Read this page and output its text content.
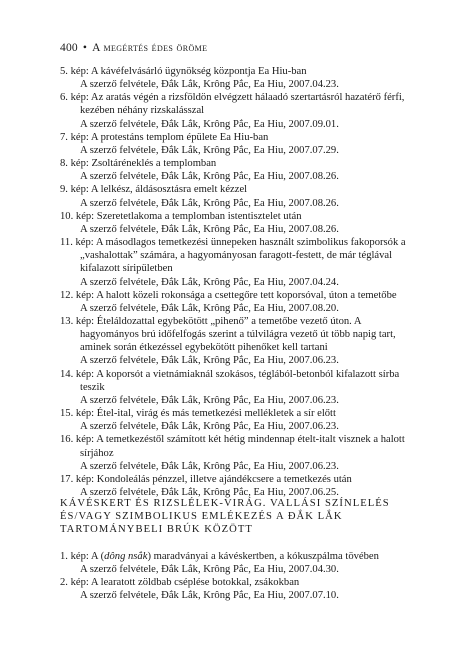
400 • A megértés édes öröme

5. kép: A kávéfelvásárló ügynökség központja Ea Hiu-ban
A szerző felvétele, Đắk Lắk, Krông Pắc, Ea Hiu, 2007.04.23.

6. kép: Az aratás végén a rizsföldön elvégzett hálaadó szertartásról hazatérő férfi, kezében néhány rizskalásszal
A szerző felvétele, Đắk Lắk, Krông Pắc, Ea Hiu, 2007.09.01.

7. kép: A protestáns templom épülete Ea Hiu-ban
A szerző felvétele, Đắk Lắk, Krông Pắc, Ea Hiu, 2007.07.29.

8. kép: Zsoltáréneklés a templomban
A szerző felvétele, Đắk Lắk, Krông Pắc, Ea Hiu, 2007.08.26.

9. kép: A lelkész, áldásosztásra emelt kézzel
A szerző felvétele, Đắk Lắk, Krông Pắc, Ea Hiu, 2007.08.26.

10. kép: Szeretetlakoma a templomban istentisztelet után
A szerző felvétele, Đắk Lắk, Krông Pắc, Ea Hiu, 2007.08.26.

11. kép: A másodlagos temetkezési ünnepeken használt szimbolikus fakoporsók a „vashalottak” számára, a hagyományosan faragott-festett, de már téglával kifalazott síripületben
A szerző felvétele, Đắk Lắk, Krông Pắc, Ea Hiu, 2007.04.24.

12. kép: A halott közeli rokonsága a csettegőre tett koporsóval, úton a temetőbe
A szerző felvétele, Đắk Lắk, Krông Pắc, Ea Hiu, 2007.08.20.

13. kép: Ételáldozattal egybekötött „pihenő” a temetőbe vezető úton. A hagyományos brú időfelfogás szerint a túlvilágra vezető út több napig tart, aminek során étkezéssel egybekötött pihenőket kell tartani
A szerző felvétele, Đắk Lắk, Krông Pắc, Ea Hiu, 2007.06.23.

14. kép: A koporsót a vietnámiaknál szokásos, téglából-betonból kifalazott sírba teszik
A szerző felvétele, Đắk Lắk, Krông Pắc, Ea Hiu, 2007.06.23.

15. kép: Étel-ital, virág és más temetkezési mellékletek a sír előtt
A szerző felvétele, Đắk Lắk, Krông Pắc, Ea Hiu, 2007.06.23.

16. kép: A temetkezéstől számított két hétig mindennap ételt-italt visznek a halott sírjához
A szerző felvétele, Đắk Lắk, Krông Pắc, Ea Hiu, 2007.06.23.

17. kép: Kondoleálás pénzzel, illetve ajándékcsere a temetkezés után
A szerző felvétele, Đắk Lắk, Krông Pắc, Ea Hiu, 2007.06.25.

KÁVÉSKERT ÉS RIZSLÉLEK-VIRÁG. VALLÁSI SZÍNLELÉS ÉS/VAGY SZIMBOLIKUS EMLÉKEZÉS A ĐẮK LẮK TARTOMÁNYBELI BRÚK KÖZÖTT

1. kép: A (dông nsắk) maradványai a kávéskertben, a kókuszpálma tövében
A szerző felvétele, Đắk Lắk, Krông Pắc, Ea Hiu, 2007.04.30.

2. kép: A learatott zöldbab cséplése botokkal, zsákokban
A szerző felvétele, Đắk Lắk, Krông Pắc, Ea Hiu, 2007.07.10.
